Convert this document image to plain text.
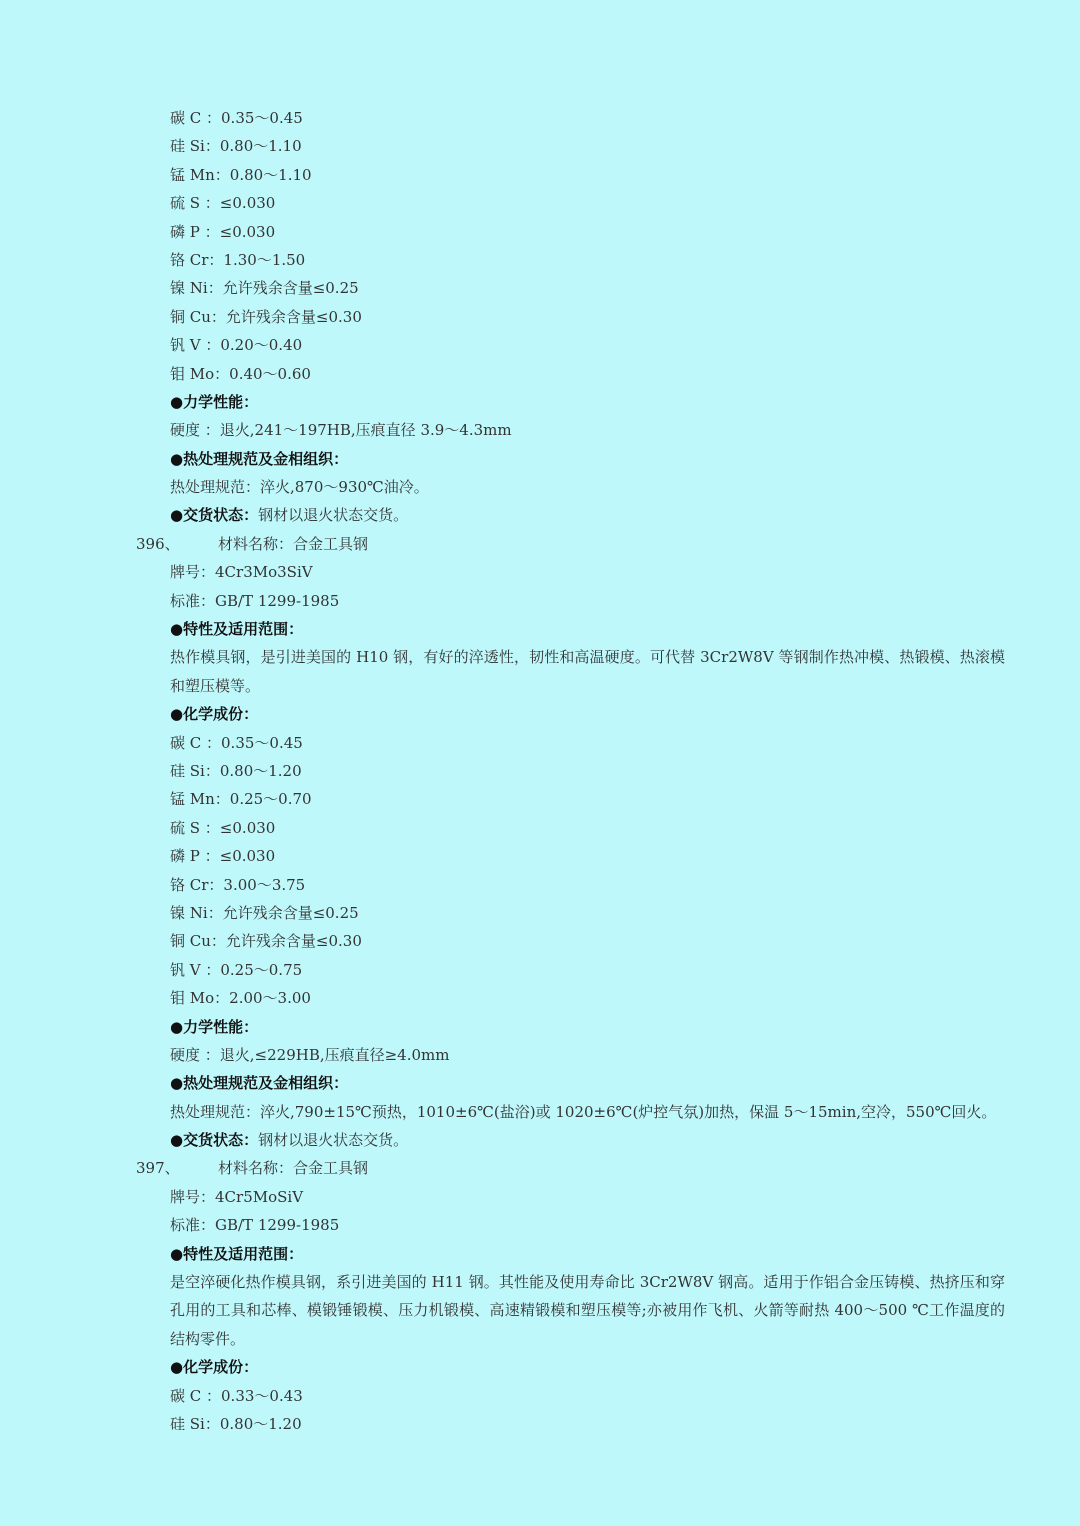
碳 C ：0.35～0.45
硅 Si：0.80～1.10
锰 Mn：0.80～1.10
硫 S ：≤0.030
磷 P ：≤0.030
铬 Cr：1.30～1.50
镍 Ni：允许残余含量≤0.25
铜 Cu：允许残余含量≤0.30
钒 V ：0.20～0.40
钼 Mo：0.40～0.60
●力学性能：
硬度 ：退火,241～197HB,压痕直径 3.9～4.3mm
●热处理规范及金相组织：
热处理规范：淬火,870～930℃油冷。
●交货状态：钢材以退火状态交货。
396、	材料名称：合金工具钢
牌号：4Cr3Mo3SiV
标准：GB/T 1299-1985
●特性及适用范围：
热作模具钢，是引进美国的 H10 钢，有好的淬透性，韧性和高温硬度。可代替 3Cr2W8V 等钢制作热冲模、热锻模、热滚模和塑压模等。
●化学成份：
碳 C ：0.35～0.45
硅 Si：0.80～1.20
锰 Mn：0.25～0.70
硫 S ：≤0.030
磷 P ：≤0.030
铬 Cr：3.00～3.75
镍 Ni：允许残余含量≤0.25
铜 Cu：允许残余含量≤0.30
钒 V ：0.25～0.75
钼 Mo：2.00～3.00
●力学性能：
硬度 ：退火,≤229HB,压痕直径≥4.0mm
●热处理规范及金相组织：
热处理规范：淬火,790±15℃预热，1010±6℃(盐浴)或 1020±6℃(炉控气氛)加热，保温 5～15min,空冷，550℃回火。
●交货状态：钢材以退火状态交货。
397、	材料名称：合金工具钢
牌号：4Cr5MoSiV
标准：GB/T 1299-1985
●特性及适用范围：
是空淬硬化热作模具钢，系引进美国的 H11 钢。其性能及使用寿命比 3Cr2W8V 钢高。适用于作铝合金压铸模、热挤压和穿孔用的工具和芯棒、模锻锤锻模、压力机锻模、高速精锻模和塑压模等;亦被用作飞机、火箭等耐热 400～500 ℃工作温度的结构零件。
●化学成份：
碳 C ：0.33～0.43
硅 Si：0.80～1.20
